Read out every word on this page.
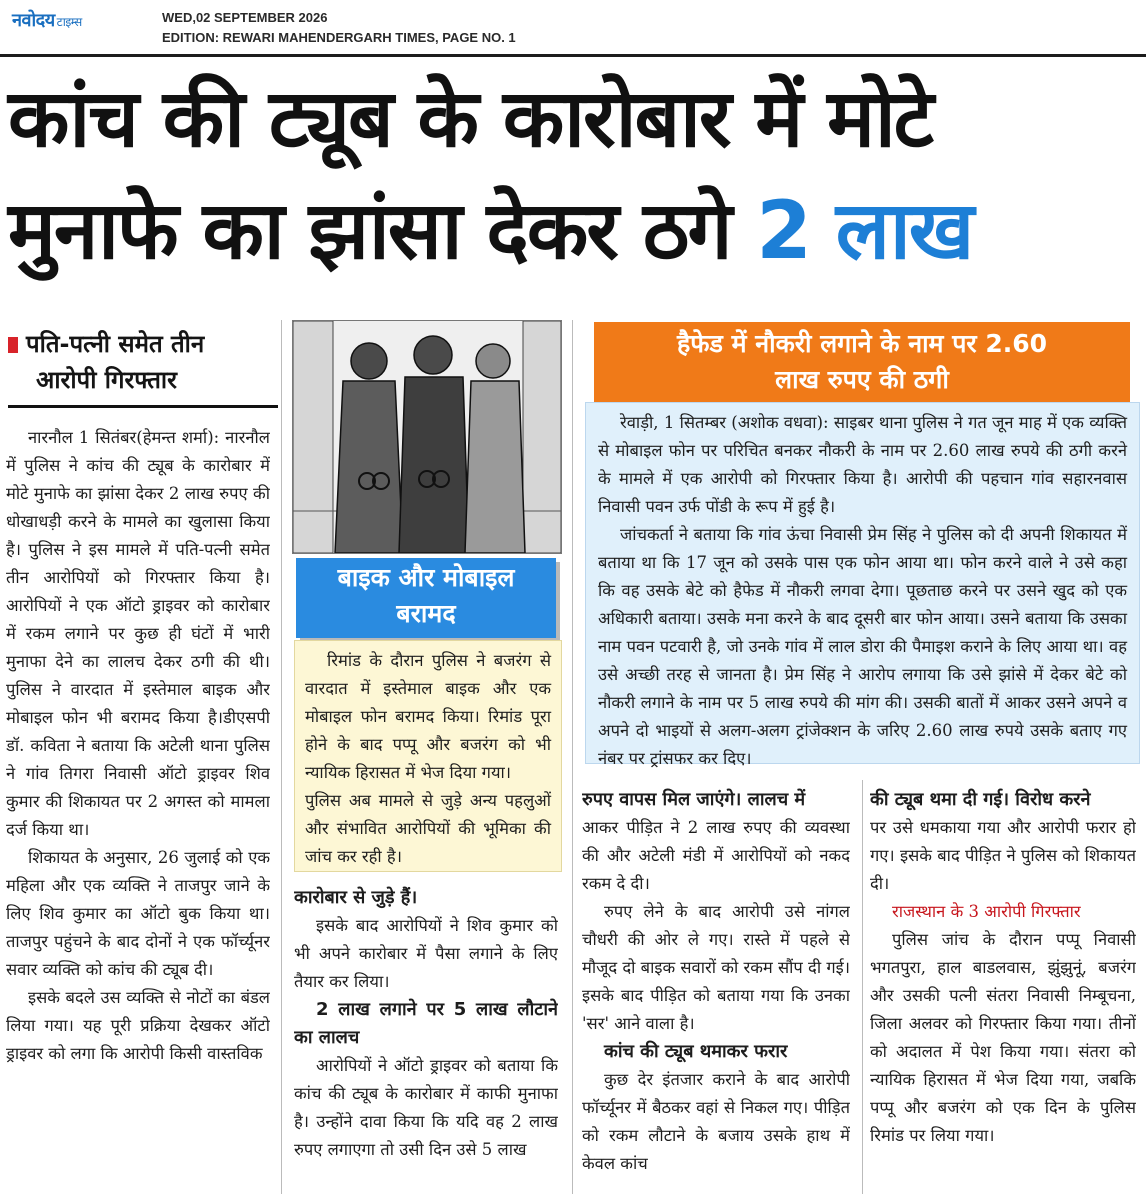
नवोदय टाइम्स	WED,02 SEPTEMBER 2026
EDITION: REWARI MAHENDERGARH TIMES, PAGE NO. 1
कांच की ट्यूब के कारोबार में मोटे
मुनाफे का झांसा देकर ठगे 2 लाख
पति-पत्नी समेत तीन
आरोपी गिरफ्तार

नारनौल 1 सितंबर(हेमन्त शर्मा): नारनौल में पुलिस ने कांच की ट्यूब के कारोबार में मोटे मुनाफे का झांसा देकर 2 लाख रुपए की धोखाधड़ी करने के मामले का खुलासा किया है। पुलिस ने इस मामले में पति-पत्नी समेत तीन आरोपियों को गिरफ्तार किया है। आरोपियों ने एक ऑटो ड्राइवर को कारोबार में रकम लगाने पर कुछ ही घंटों में भारी मुनाफा देने का लालच देकर ठगी की थी। पुलिस ने वारदात में इस्तेमाल बाइक और मोबाइल फोन भी बरामद किया है।डीएसपी डॉ. कविता ने बताया कि अटेली थाना पुलिस ने गांव तिगरा निवासी ऑटो ड्राइवर शिव कुमार की शिकायत पर 2 अगस्त को मामला दर्ज किया था।

शिकायत के अनुसार, 26 जुलाई को एक महिला और एक व्यक्ति ने ताजपुर जाने के लिए शिव कुमार का ऑटो बुक किया था। ताजपुर पहुंचने के बाद दोनों ने एक फॉर्च्यूनर सवार व्यक्ति को कांच की ट्यूब दी।

इसके बदले उस व्यक्ति से नोटों का बंडल लिया गया। यह पूरी प्रक्रिया देखकर ऑटो ड्राइवर को लगा कि आरोपी किसी वास्तविक

बाइक और मोबाइल
बरामद

रिमांड के दौरान पुलिस ने बजरंग से वारदात में इस्तेमाल बाइक और एक मोबाइल फोन बरामद किया। रिमांड पूरा होने के बाद पप्पू और बजरंग को भी न्यायिक हिरासत में भेज दिया गया।

पुलिस अब मामले से जुड़े अन्य पहलुओं और संभावित आरोपियों की भूमिका की जांच कर रही है।

कारोबार से जुड़े हैं।

इसके बाद आरोपियों ने शिव कुमार को भी अपने कारोबार में पैसा लगाने के लिए तैयार कर लिया।

2 लाख लगाने पर 5 लाख लौटाने का लालच

आरोपियों ने ऑटो ड्राइवर को बताया कि कांच की ट्यूब के कारोबार में काफी मुनाफा है। उन्होंने दावा किया कि यदि वह 2 लाख रुपए लगाएगा तो उसी दिन उसे 5 लाख

हैफेड में नौकरी लगाने के नाम पर 2.60
लाख रुपए की ठगी

रेवाड़ी, 1 सितम्बर (अशोक वधवा): साइबर थाना पुलिस ने गत जून माह में एक व्यक्ति से मोबाइल फोन पर परिचित बनकर नौकरी के नाम पर 2.60 लाख रुपये की ठगी करने के मामले में एक आरोपी को गिरफ्तार किया है। आरोपी की पहचान गांव सहारनवास निवासी पवन उर्फ पोंडी के रूप में हुई है।

जांचकर्ता ने बताया कि गांव ऊंचा निवासी प्रेम सिंह ने पुलिस को दी अपनी शिकायत में बताया था कि 17 जून को उसके पास एक फोन आया था। फोन करने वाले ने उसे कहा कि वह उसके बेटे को हैफेड में नौकरी लगवा देगा। पूछताछ करने पर उसने खुद को एक अधिकारी बताया। उसके मना करने के बाद दूसरी बार फोन आया। उसने बताया कि उसका नाम पवन पटवारी है, जो उनके गांव में लाल डोरा की पैमाइश कराने के लिए आया था। वह उसे अच्छी तरह से जानता है। प्रेम सिंह ने आरोप लगाया कि उसे झांसे में देकर बेटे को नौकरी लगाने के नाम पर 5 लाख रुपये की मांग की। उसकी बातों में आकर उसने अपने व अपने दो भाइयों से अलग-अलग ट्रांजेक्शन के जरिए 2.60 लाख रुपये उसके बताए गए नंबर पर ट्रांसफर कर दिए।

रुपए वापस मिल जाएंगे। लालच में

आकर पीड़ित ने 2 लाख रुपए की व्यवस्था की और अटेली मंडी में आरोपियों को नकद रकम दे दी।

रुपए लेने के बाद आरोपी उसे नांगल चौधरी की ओर ले गए। रास्ते में पहले से मौजूद दो बाइक सवारों को रकम सौंप दी गई। इसके बाद पीड़ित को बताया गया कि उनका 'सर' आने वाला है।

कांच की ट्यूब थमाकर फरार

कुछ देर इंतजार कराने के बाद आरोपी फॉर्च्यूनर में बैठकर वहां से निकल गए। पीड़ित को रकम लौटाने के बजाय उसके हाथ में केवल कांच

की ट्यूब थमा दी गई। विरोध करने

पर उसे धमकाया गया और आरोपी फरार हो गए। इसके बाद पीड़ित ने पुलिस को शिकायत दी।

राजस्थान के 3 आरोपी गिरफ्तार

पुलिस जांच के दौरान पप्पू निवासी भगतपुरा, हाल बाडलवास, झुंझुनूं, बजरंग और उसकी पत्नी संतरा निवासी निम्बूचना, जिला अलवर को गिरफ्तार किया गया। तीनों को अदालत में पेश किया गया। संतरा को न्यायिक हिरासत में भेज दिया गया, जबकि पप्पू और बजरंग को एक दिन के पुलिस रिमांड पर लिया गया।
